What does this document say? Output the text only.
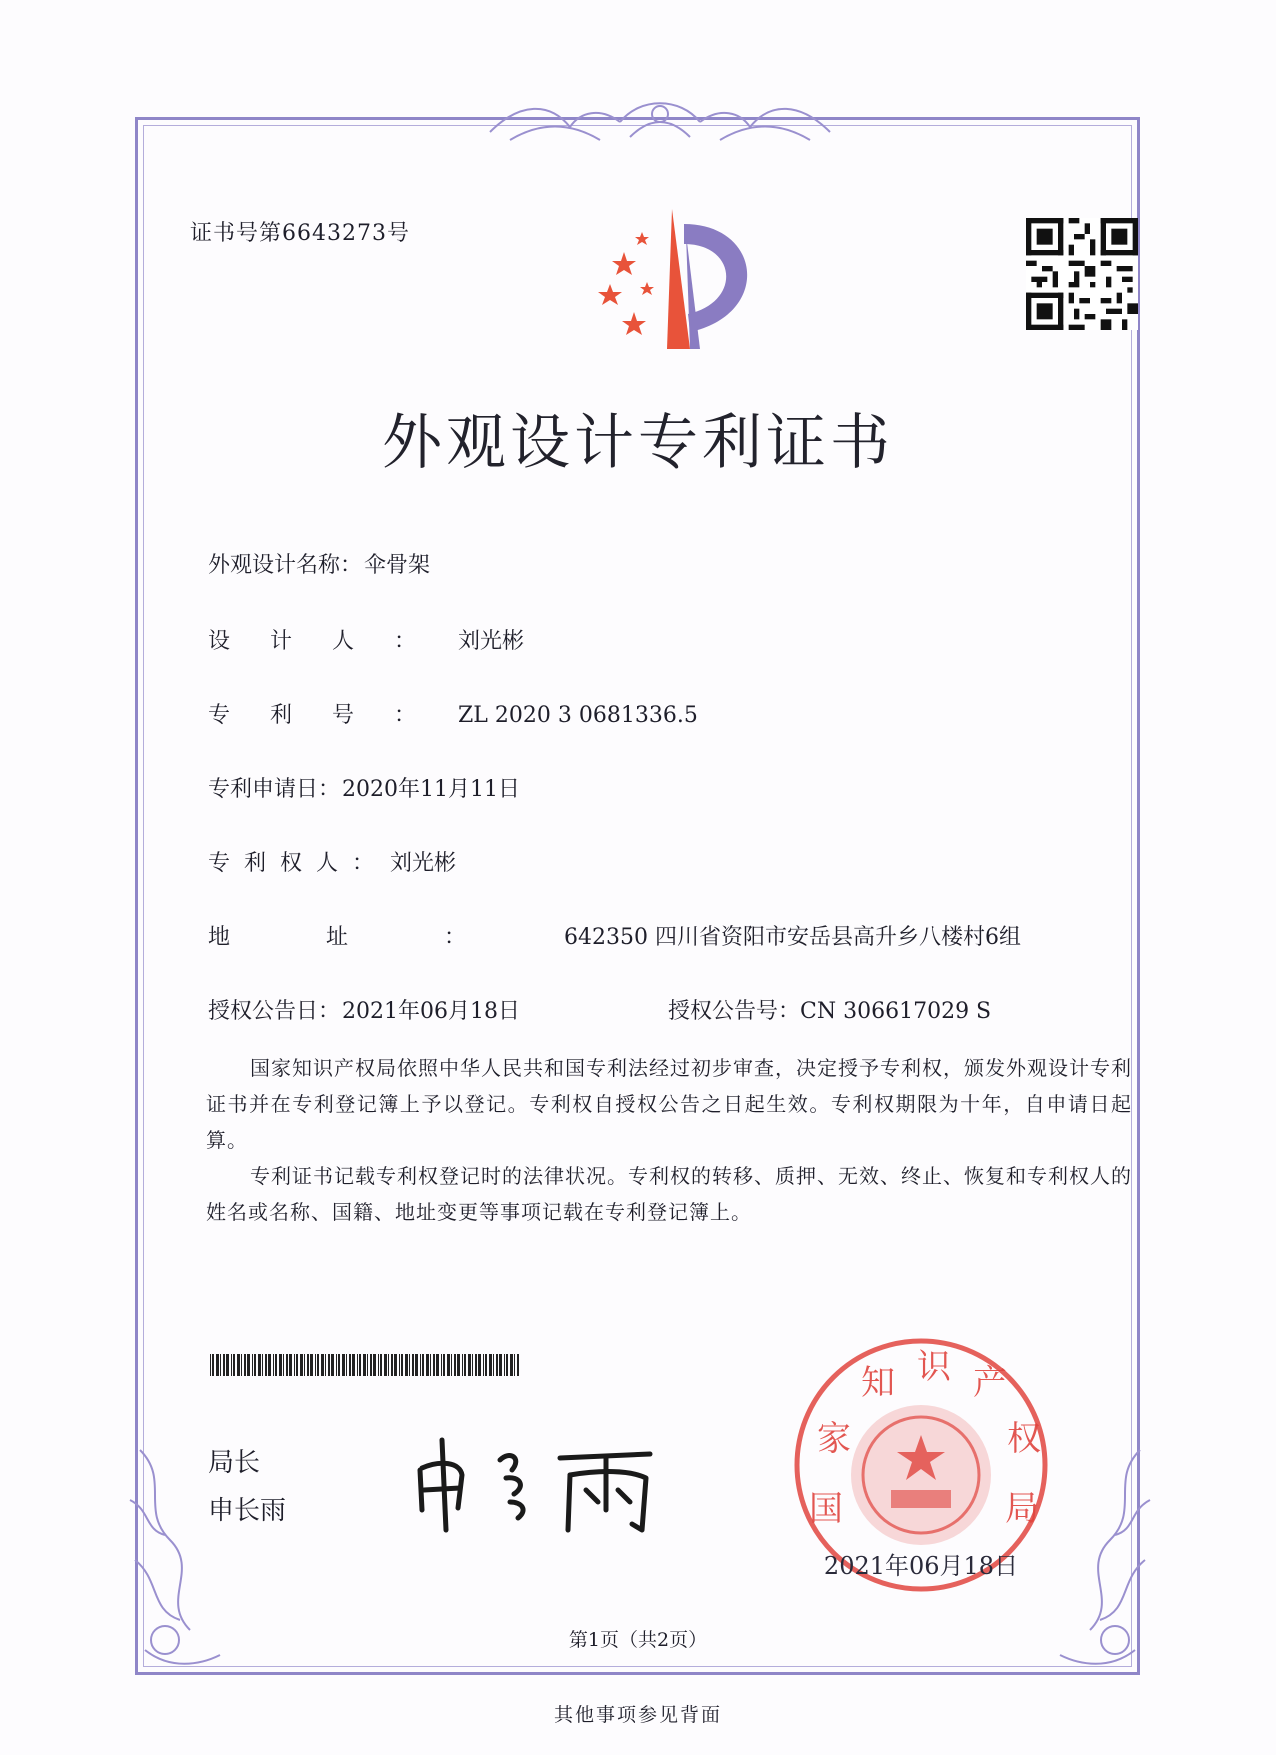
证书号第6643273号
外观设计专利证书
外观设计名称：伞骨架
设计人：刘光彬
专利号：ZL 2020 3 0681336.5
专利申请日：2020年11月11日
专利权人：刘光彬
地址：642350 四川省资阳市安岳县高升乡八楼村6组
授权公告日：2021年06月18日	授权公告号：CN 306617029 S
国家知识产权局依照中华人民共和国专利法经过初步审查，决定授予专利权，颁发外观设计专利证书并在专利登记簿上予以登记。专利权自授权公告之日起生效。专利权期限为十年，自申请日起算。
专利证书记载专利权登记时的法律状况。专利权的转移、质押、无效、终止、恢复和专利权人的姓名或名称、国籍、地址变更等事项记载在专利登记簿上。
局长
申长雨	国
家
知 识 产
权
局
2021年06月18日
第1页（共2页）
其他事项参见背面
